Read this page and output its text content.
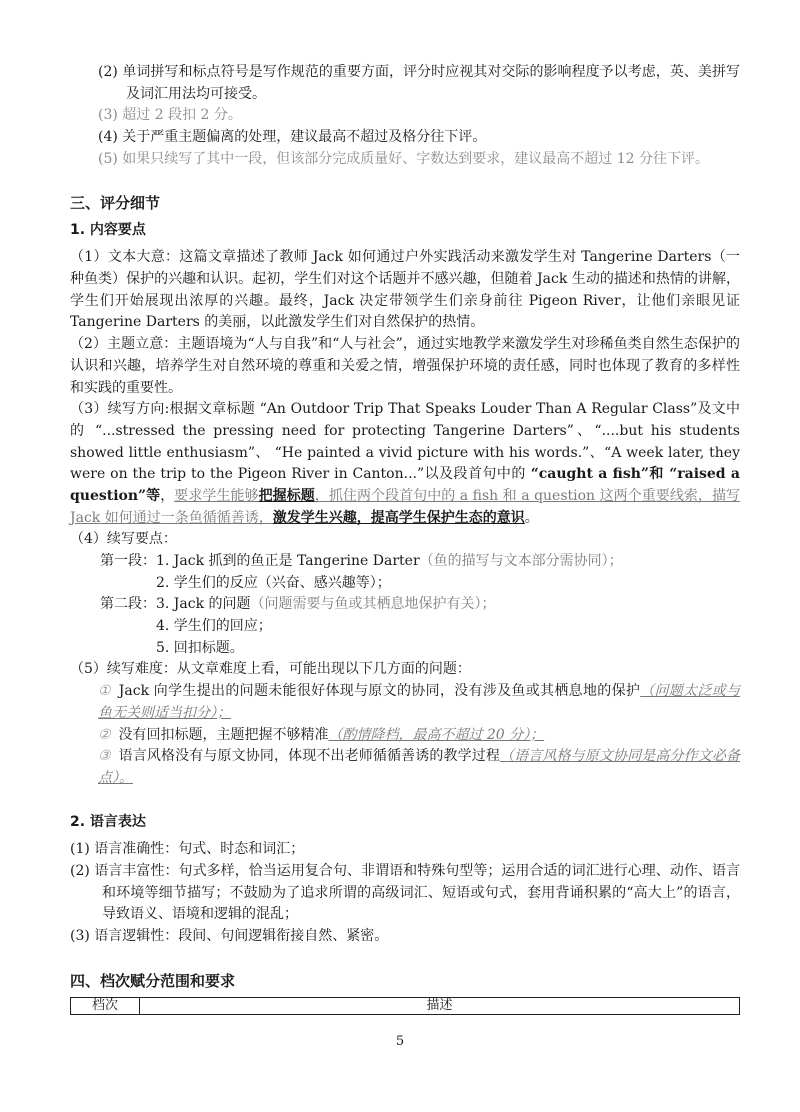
(2) 单词拼写和标点符号是写作规范的重要方面，评分时应视其对交际的影响程度予以考虑，英、美拼写及词汇用法均可接受。
(3) 超过 2 段扣 2 分。
(4) 关于严重主题偏离的处理，建议最高不超过及格分往下评。
(5) 如果只续写了其中一段，但该部分完成质量好、字数达到要求，建议最高不超过 12 分往下评。
三、评分细节
1. 内容要点

（1）文本大意：这篇文章描述了教师 Jack 如何通过户外实践活动来激发学生对 Tangerine Darters（一种鱼类）保护的兴趣和认识。起初，学生们对这个话题并不感兴趣，但随着 Jack 生动的描述和热情的讲解，学生们开始展现出浓厚的兴趣。最终，Jack 决定带领学生们亲身前往 Pigeon River，让他们亲眼见证 Tangerine Darters 的美丽，以此激发学生们对自然保护的热情。

（2）主题立意：主题语境为“人与自我”和“人与社会”，通过实地教学来激发学生对珍稀鱼类自然生态保护的认识和兴趣，培养学生对自然环境的尊重和关爱之情，增强保护环境的责任感，同时也体现了教育的多样性和实践的重要性。

（3）续写方向:根据文章标题 “An Outdoor Trip That Speaks Louder Than A Regular Class”及文中的 “...stressed the pressing need for protecting Tangerine Darters”、“....but his students showed little enthusiasm”、 “He painted a vivid picture with his words.”、“A week later, they were on the trip to the Pigeon River in Canton...”以及段首句中的 “caught a fish”和 “raised a question”等，要求学生能够把握标题，抓住两个段首句中的 a fish 和 a question 这两个重要线索，描写 Jack 如何通过一条鱼循循善诱，激发学生兴趣，提高学生保护生态的意识。

（4）续写要点：
第一段：1. Jack 抓到的鱼正是 Tangerine Darter（鱼的描写与文本部分需协同）；
2. 学生们的反应（兴奋、感兴趣等）；
第二段：3. Jack 的问题（问题需要与鱼或其栖息地保护有关）；
4. 学生们的回应；
5. 回扣标题。
（5）续写难度：从文章难度上看，可能出现以下几方面的问题：
① Jack 向学生提出的问题未能很好体现与原文的协同，没有涉及鱼或其栖息地的保护（问题太泛或与鱼无关则适当扣分）；
② 没有回扣标题，主题把握不够精准（酌情降档，最高不超过 20 分）；
③ 语言风格没有与原文协同，体现不出老师循循善诱的教学过程（语言风格与原文协同是高分作文必备点）。
2. 语言表达
(1) 语言准确性：句式、时态和词汇；
(2) 语言丰富性：句式多样，恰当运用复合句、非谓语和特殊句型等；运用合适的词汇进行心理、动作、语言和环境等细节描写；不鼓励为了追求所谓的高级词汇、短语或句式，套用背诵积累的“高大上”的语言，导致语义、语境和逻辑的混乱；
(3) 语言逻辑性：段间、句间逻辑衔接自然、紧密。
四、档次赋分范围和要求
档次	描述
5
